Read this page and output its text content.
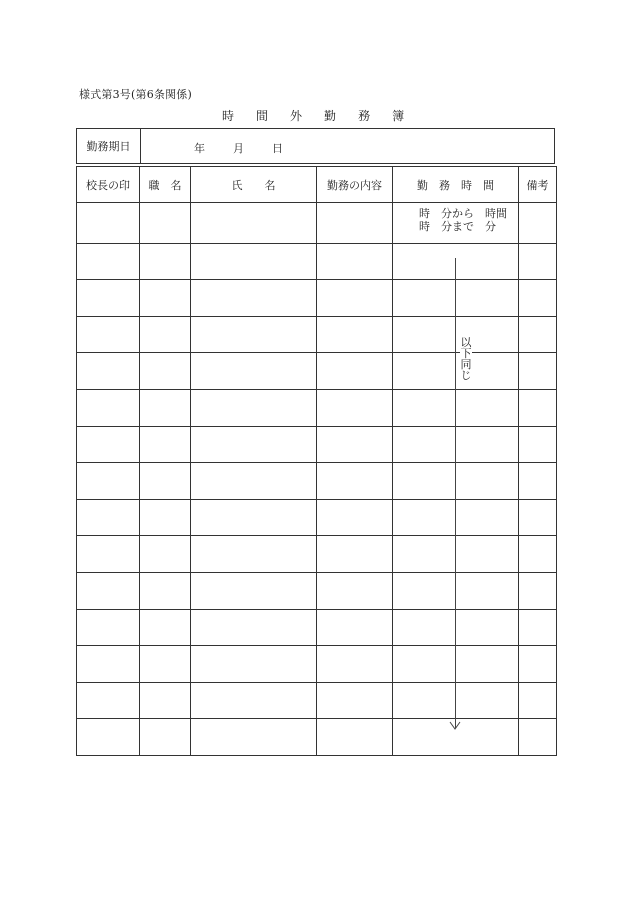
様式第3号(第6条関係)
時 間 外 勤 務 簿
勤務期日	年	月	日
校長の印	職　名	氏　　名	勤務の内容	勤　務　時　間	備考

				時　分から　時間
時　分まで　分	

以
下
同
じ
